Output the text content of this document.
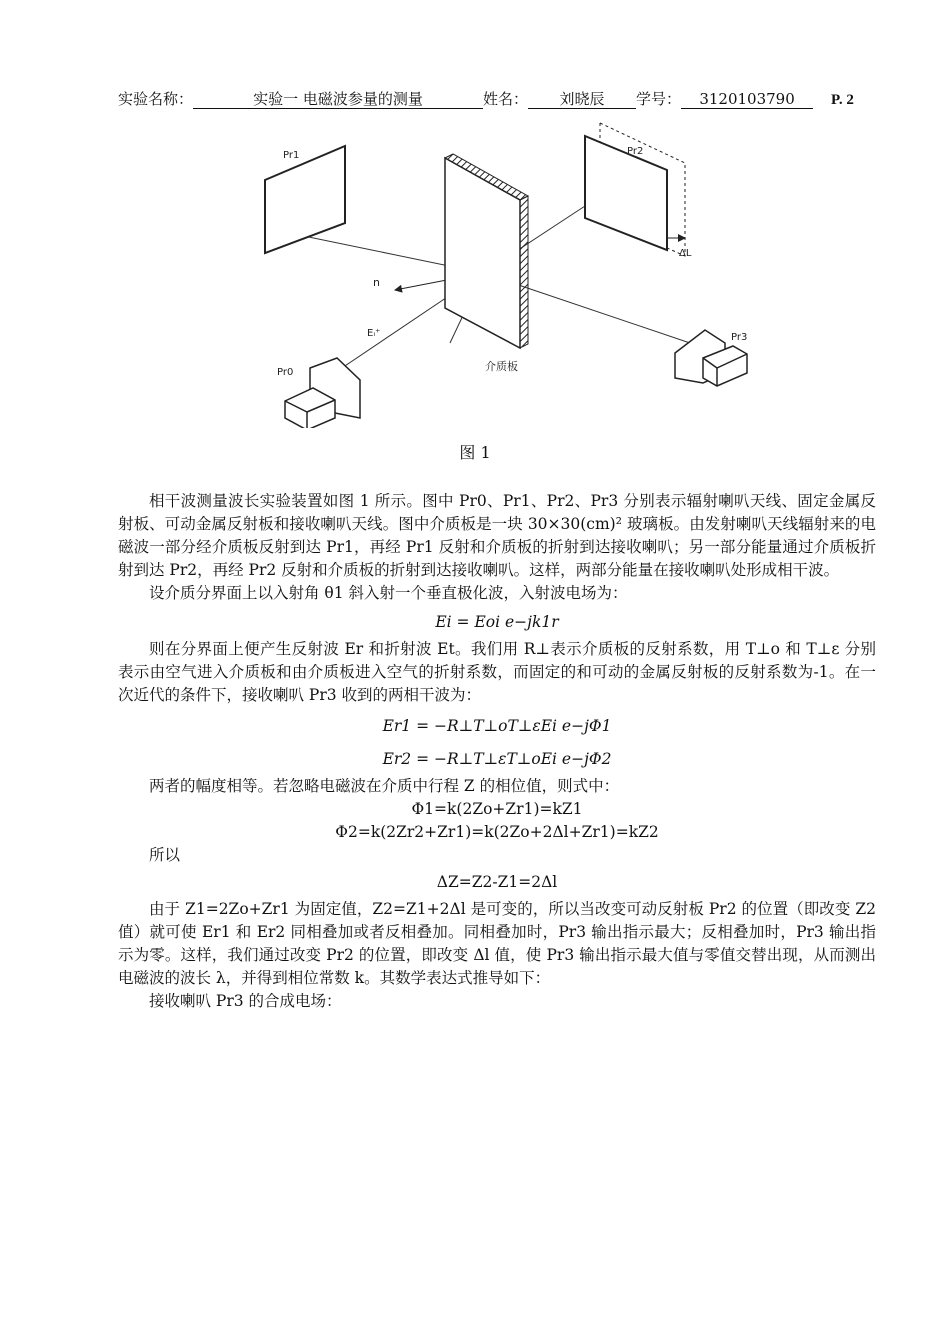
实验名称：	实验一 电磁波参量的测量	姓名： 刘晓辰 学号： 3120103790 P. 2
Pr1	Pr2
Pr3
Pr0
n
Eᵢ⁺
ΔL
介质板
图 1

相干波测量波长实验装置如图 1 所示。图中 Pr0、Pr1、Pr2、Pr3 分别表示辐射喇叭天线、固定金属反射板、可动金属反射板和接收喇叭天线。图中介质板是一块 30×30(cm)² 玻璃板。由发射喇叭天线辐射来的电磁波一部分经介质板反射到达 Pr1，再经 Pr1 反射和介质板的折射到达接收喇叭；另一部分能量通过介质板折射到达 Pr2，再经 Pr2 反射和介质板的折射到达接收喇叭。这样，两部分能量在接收喇叭处形成相干波。

设介质分界面上以入射角 θ1 斜入射一个垂直极化波，入射波电场为：

Ei = Eoi e−jk1r

则在分界面上便产生反射波 Er 和折射波 Et。我们用 R⊥表示介质板的反射系数，用 T⊥o 和 T⊥ε 分别表示由空气进入介质板和由介质板进入空气的折射系数，而固定的和可动的金属反射板的反射系数为-1。在一次近代的条件下，接收喇叭 Pr3 收到的两相干波为：

Er1 = −R⊥T⊥oT⊥εEi e−jΦ1
Er2 = −R⊥T⊥εT⊥oEi e−jΦ2

两者的幅度相等。若忽略电磁波在介质中行程 Z 的相位值，则式中：

Φ1=k(2Zo+Zr1)=kZ1
Φ2=k(2Zr2+Zr1)=k(2Zo+2Δl+Zr1)=kZ2

所以

ΔZ=Z2-Z1=2Δl

由于 Z1=2Zo+Zr1 为固定值，Z2=Z1+2Δl 是可变的，所以当改变可动反射板 Pr2 的位置（即改变 Z2 值）就可使 Er1 和 Er2 同相叠加或者反相叠加。同相叠加时，Pr3 输出指示最大；反相叠加时，Pr3 输出指示为零。这样，我们通过改变 Pr2 的位置，即改变 Δl 值，使 Pr3 输出指示最大值与零值交替出现，从而测出电磁波的波长 λ，并得到相位常数 k。其数学表达式推导如下：

接收喇叭 Pr3 的合成电场：
